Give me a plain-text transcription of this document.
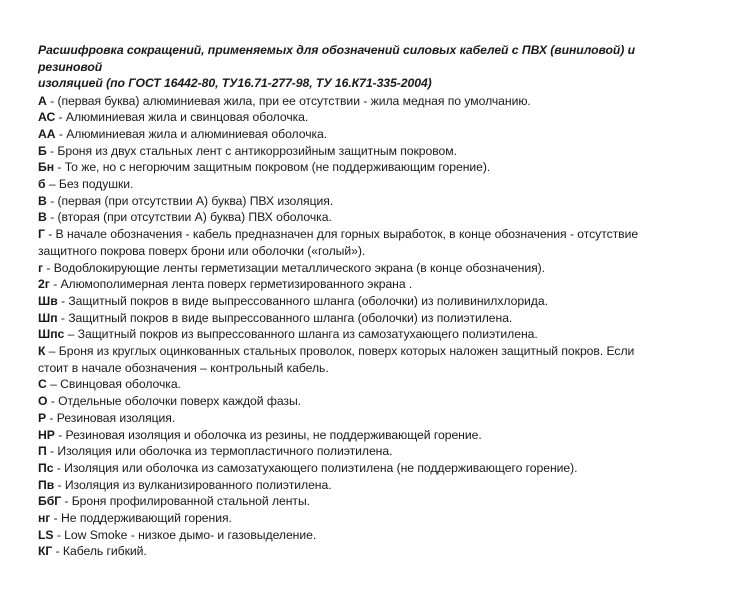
Расшифровка сокращений, применяемых для обозначений силовых кабелей с ПВХ (виниловой) и резиновой
изоляцией (по ГОСТ 16442-80, ТУ16.71-277-98, ТУ 16.К71-335-2004)
А - (первая буква) алюминиевая жила, при ее отсутствии - жила медная по умолчанию.
АС - Алюминиевая жила и свинцовая оболочка.
АА - Алюминиевая жила и алюминиевая оболочка.
Б - Броня из двух стальных лент с антикоррозийным защитным покровом.
Бн - То же, но с негорючим защитным покровом (не поддерживающим горение).
б – Без подушки.
В - (первая (при отсутствии А) буква) ПВХ изоляция.
В - (вторая (при отсутствии А) буква) ПВХ оболочка.
Г - В начале обозначения - кабель предназначен для горных выработок, в конце обозначения - отсутствие
защитного покрова поверх брони или оболочки («голый»).
г - Водоблокирующие ленты герметизации металлического экрана (в конце обозначения).
2г - Алюмополимерная лента поверх герметизированного экрана .
Шв - Защитный покров в виде выпрессованного шланга (оболочки) из поливинилхлорида.
Шп - Защитный покров в виде выпрессованного шланга (оболочки) из полиэтилена.
Шпс – Защитный покров из выпрессованного шланга из самозатухающего полиэтилена.
К – Броня из круглых оцинкованных стальных проволок, поверх которых наложен защитный покров. Если
стоит в начале обозначения – контрольный кабель.
С – Свинцовая оболочка.
О - Отдельные оболочки поверх каждой фазы.
Р - Резиновая изоляция.
НР - Резиновая изоляция и оболочка из резины, не поддерживающей горение.
П - Изоляция или оболочка из термопластичного полиэтилена.
Пс - Изоляция или оболочка из самозатухающего полиэтилена (не поддерживающего горение).
Пв - Изоляция из вулканизированного полиэтилена.
БбГ - Броня профилированной стальной ленты.
нг - Не поддерживающий горения.
LS - Low Smoke - низкое дымо- и газовыделение.
КГ - Кабель гибкий.
